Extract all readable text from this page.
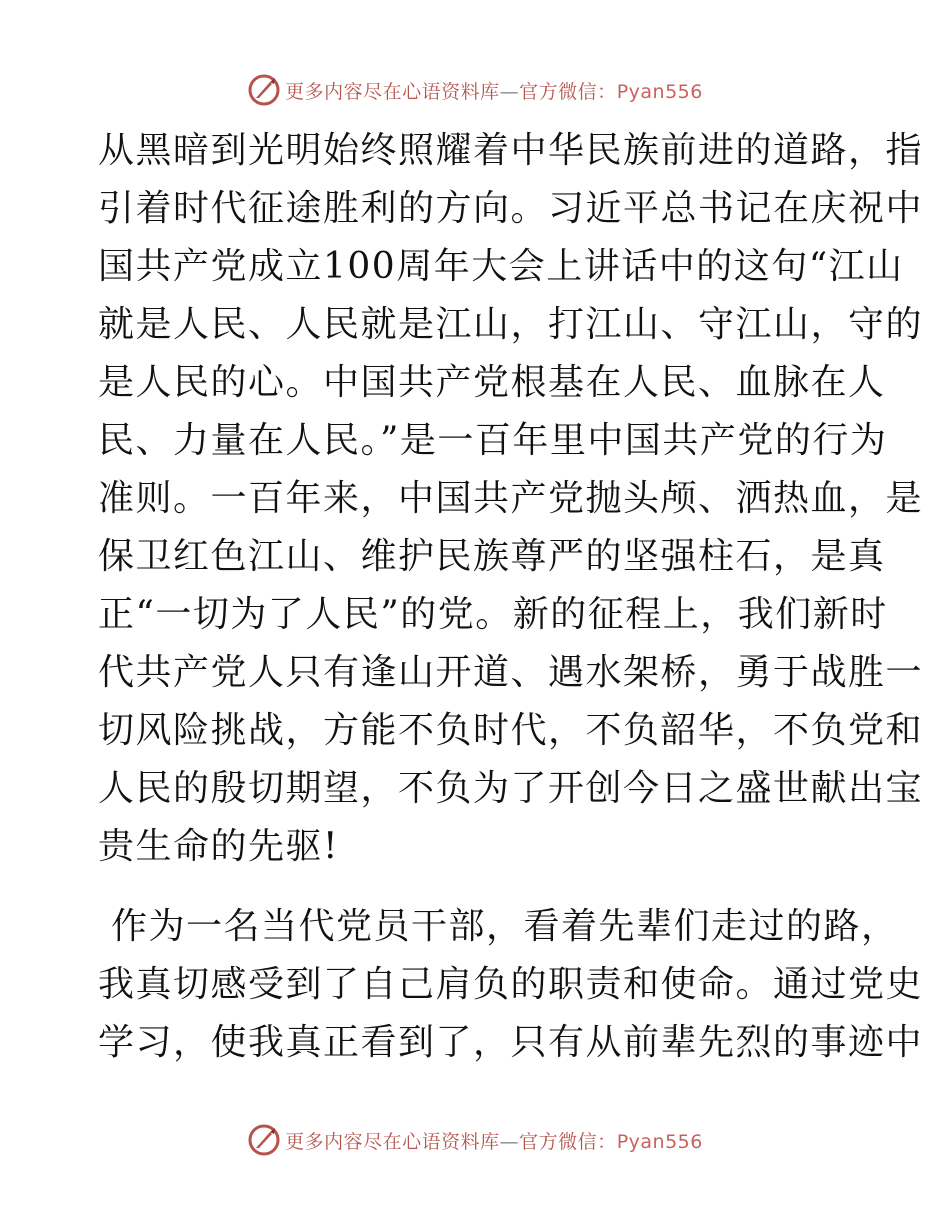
更多内容尽在心语资料库—官方微信：Pyan556
从黑暗到光明始终照耀着中华民族前进的道路，指
引着时代征途胜利的方向。习近平总书记在庆祝中
国共产党成立100周年大会上讲话中的这句“江山
就是人民、人民就是江山，打江山、守江山，守的
是人民的心。中国共产党根基在人民、血脉在人
民、力量在人民。”是一百年里中国共产党的行为
准则。一百年来，中国共产党抛头颅、洒热血，是
保卫红色江山、维护民族尊严的坚强柱石，是真
正“一切为了人民”的党。新的征程上，我们新时
代共产党人只有逢山开道、遇水架桥，勇于战胜一
切风险挑战，方能不负时代，不负韶华，不负党和
人民的殷切期望，不负为了开创今日之盛世献出宝
贵生命的先驱!
作为一名当代党员干部，看着先辈们走过的路，
我真切感受到了自己肩负的职责和使命。通过党史
学习，使我真正看到了，只有从前辈先烈的事迹中
更多内容尽在心语资料库—官方微信：Pyan556
